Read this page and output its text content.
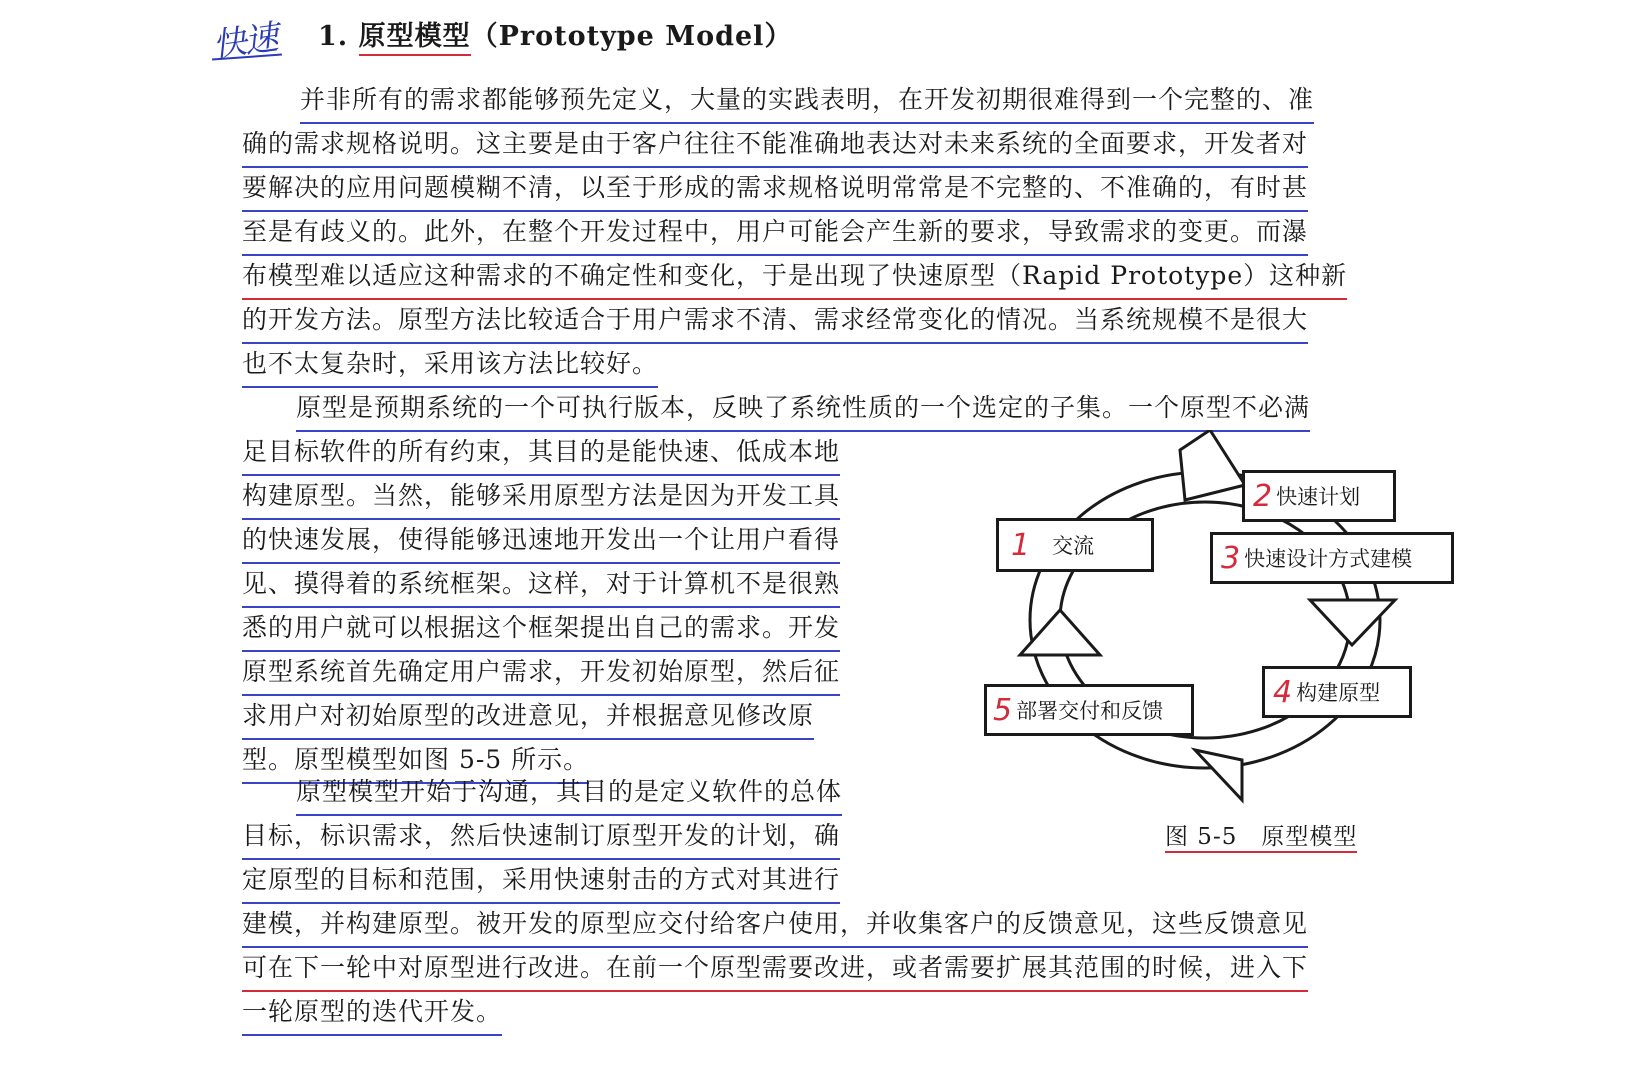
快速 1. 原型模型（Prototype Model）
并非所有的需求都能够预先定义，大量的实践表明，在开发初期很难得到一个完整的、准
确的需求规格说明。这主要是由于客户往往不能准确地表达对未来系统的全面要求，开发者对
要解决的应用问题模糊不清，以至于形成的需求规格说明常常是不完整的、不准确的，有时甚
至是有歧义的。此外，在整个开发过程中，用户可能会产生新的要求，导致需求的变更。而瀑
布模型难以适应这种需求的不确定性和变化，于是出现了快速原型（Rapid Prototype）这种新
的开发方法。原型方法比较适合于用户需求不清、需求经常变化的情况。当系统规模不是很大
也不太复杂时，采用该方法比较好。
原型是预期系统的一个可执行版本，反映了系统性质的一个选定的子集。一个原型不必满
足目标软件的所有约束，其目的是能快速、低成本地
构建原型。当然，能够采用原型方法是因为开发工具
的快速发展，使得能够迅速地开发出一个让用户看得
见、摸得着的系统框架。这样，对于计算机不是很熟
悉的用户就可以根据这个框架提出自己的需求。开发
原型系统首先确定用户需求，开发初始原型，然后征
求用户对初始原型的改进意见，并根据意见修改原
型。原型模型如图 5-5 所示。
原型模型开始于沟通，其目的是定义软件的总体
目标，标识需求，然后快速制订原型开发的计划，确
定原型的目标和范围，采用快速射击的方式对其进行
建模，并构建原型。被开发的原型应交付给客户使用，并收集客户的反馈意见，这些反馈意见
可在下一轮中对原型进行改进。在前一个原型需要改进，或者需要扩展其范围的时候，进入下
一轮原型的迭代开发。
1 交流
2 快速计划
3 快速设计方式建模
4 构建原型
5 部署交付和反馈
图 5-5　原型模型
